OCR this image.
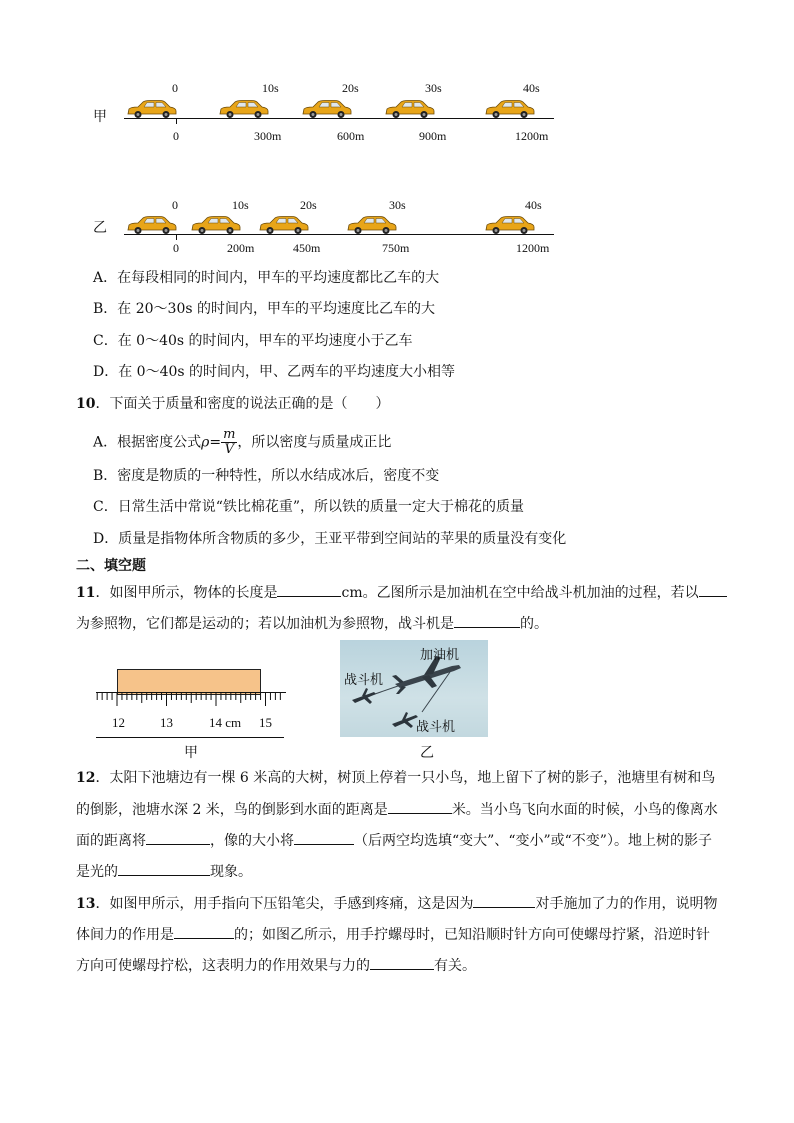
甲
0	10s	20s	30s	40s
0	300m	600m	900m	1200m
乙
0	10s	20s	30s	40s
0	200m	450m	750m	1200m
A．在每段相同的时间内，甲车的平均速度都比乙车的大
B．在 20～30s 的时间内，甲车的平均速度比乙车的大
C．在 0～40s 的时间内，甲车的平均速度小于乙车
D．在 0～40s 的时间内，甲、乙两车的平均速度大小相等
10．下面关于质量和密度的说法正确的是（　　）
A．根据密度公式$\rho= \frac{m}{V}$ ，所以密度与质量成正比
B．密度是物质的一种特性，所以水结成冰后，密度不变
C．日常生活中常说“铁比棉花重”，所以铁的质量一定大于棉花的质量
D．质量是指物体所含物质的多少，王亚平带到空间站的苹果的质量没有变化
二、填空题
11．如图甲所示，物体的长度是	cm。乙图所示是加油机在空中给战斗机加油的过程，若以
为参照物，它们都是运动的；若以加油机为参照物，战斗机是	的。
12	13	14 cm 15
甲
加油机
战斗机
战斗机
乙
12．太阳下池塘边有一棵 6 米高的大树，树顶上停着一只小鸟，地上留下了树的影子，池塘里有树和鸟
的倒影，池塘水深 2 米，鸟的倒影到水面的距离是	米。当小鸟飞向水面的时候，小鸟的像离水
面的距离将	，像的大小将	（后两空均选填“变大”、“变小”或“不变”）。地上树的影子
是光的	现象。
13．如图甲所示，用手指向下压铅笔尖，手感到疼痛，这是因为	对手施加了力的作用，说明物
体间力的作用是	的；如图乙所示，用手拧螺母时，已知沿顺时针方向可使螺母拧紧，沿逆时针
方向可使螺母拧松，这表明力的作用效果与力的	有关。
